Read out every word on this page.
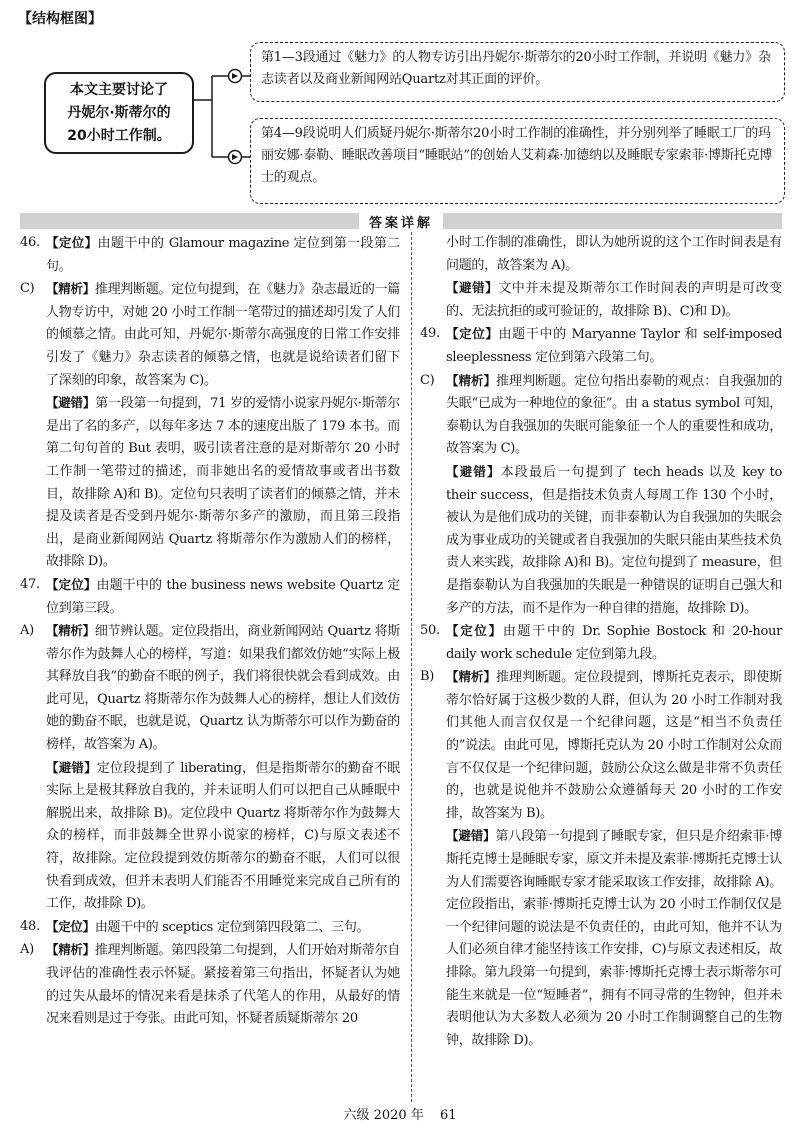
【结构框图】
本文主要讨论了丹妮尔·斯蒂尔的20小时工作制。
第1—3段通过《魅力》的人物专访引出丹妮尔·斯蒂尔的20小时工作制，并说明《魅力》杂志读者以及商业新闻网站Quartz对其正面的评价。
第4—9段说明人们质疑丹妮尔·斯蒂尔20小时工作制的准确性，并分别列举了睡眠工厂的玛丽安娜·泰勒、睡眠改善项目“睡眠站”的创始人艾莉森·加德纳以及睡眠专家索菲·博斯托克博士的观点。
答案详解
46. 【定位】由题干中的 Glamour magazine 定位到第一段第二句。

C) 【精析】推理判断题。定位句提到，在《魅力》杂志最近的一篇人物专访中，对她 20 小时工作制一笔带过的描述却引发了人们的倾慕之情。由此可知，丹妮尔·斯蒂尔高强度的日常工作安排引发了《魅力》杂志读者的倾慕之情，也就是说给读者们留下了深刻的印象，故答案为 C)。

【避错】第一段第一句提到，71 岁的爱情小说家丹妮尔·斯蒂尔是出了名的多产，以每年多达 7 本的速度出版了 179 本书。而第二句句首的 But 表明，吸引读者注意的是对斯蒂尔 20 小时工作制一笔带过的描述，而非她出名的爱情故事或者出书数目，故排除 A)和 B)。定位句只表明了读者们的倾慕之情，并未提及读者是否受到丹妮尔·斯蒂尔多产的激励，而且第三段指出，是商业新闻网站 Quartz 将斯蒂尔作为激励人们的榜样，故排除 D)。

47. 【定位】由题干中的 the business news website Quartz 定位到第三段。

A) 【精析】细节辨认题。定位段指出，商业新闻网站 Quartz 将斯蒂尔作为鼓舞人心的榜样，写道：如果我们都效仿她“实际上极其释放自我”的勤奋不眠的例子，我们将很快就会看到成效。由此可见，Quartz 将斯蒂尔作为鼓舞人心的榜样，想让人们效仿她的勤奋不眠，也就是说，Quartz 认为斯蒂尔可以作为勤奋的榜样，故答案为 A)。

【避错】定位段提到了 liberating，但是指斯蒂尔的勤奋不眠实际上是极其释放自我的，并未证明人们可以把自己从睡眠中解脱出来，故排除 B)。定位段中 Quartz 将斯蒂尔作为鼓舞大众的榜样，而非鼓舞全世界小说家的榜样，C)与原文表述不符，故排除。定位段提到效仿斯蒂尔的勤奋不眠，人们可以很快看到成效，但并未表明人们能否不用睡觉来完成自己所有的工作，故排除 D)。

48. 【定位】由题干中的 sceptics 定位到第四段第二、三句。

A) 【精析】推理判断题。第四段第二句提到，人们开始对斯蒂尔自我评估的准确性表示怀疑。紧接着第三句指出，怀疑者认为她的过失从最坏的情况来看是抹杀了代笔人的作用，从最好的情况来看则是过于夸张。由此可知，怀疑者质疑斯蒂尔 20

小时工作制的准确性，即认为她所说的这个工作时间表是有问题的，故答案为 A)。

【避错】文中并未提及斯蒂尔工作时间表的声明是可改变的、无法抗拒的或可验证的，故排除 B)、C)和 D)。

49. 【定位】由题干中的 Maryanne Taylor 和 self-imposed sleeplessness 定位到第六段第二句。

C) 【精析】推理判断题。定位句指出泰勒的观点：自我强加的失眠“已成为一种地位的象征”。由 a status symbol 可知，泰勒认为自我强加的失眠可能象征一个人的重要性和成功，故答案为 C)。

【避错】本段最后一句提到了 tech heads 以及 key to their success，但是指技术负责人每周工作 130 个小时，被认为是他们成功的关键，而非泰勒认为自我强加的失眠会成为事业成功的关键或者自我强加的失眠只能由某些技术负责人来实践，故排除 A)和 B)。定位句提到了 measure，但是指泰勒认为自我强加的失眠是一种错误的证明自己强大和多产的方法，而不是作为一种自律的措施，故排除 D)。

50. 【定位】由题干中的 Dr. Sophie Bostock 和 20-hour daily work schedule 定位到第九段。

B) 【精析】推理判断题。定位段提到，博斯托克表示，即使斯蒂尔恰好属于这极少数的人群，但认为 20 小时工作制对我们其他人而言仅仅是一个纪律问题，这是“相当不负责任的”说法。由此可见，博斯托克认为 20 小时工作制对公众而言不仅仅是一个纪律问题，鼓励公众这么做是非常不负责任的，也就是说他并不鼓励公众遵循每天 20 小时的工作安排，故答案为 B)。

【避错】第八段第一句提到了睡眠专家，但只是介绍索菲·博斯托克博士是睡眠专家，原文并未提及索菲·博斯托克博士认为人们需要咨询睡眠专家才能采取该工作安排，故排除 A)。定位段指出，索菲·博斯托克博士认为 20 小时工作制仅仅是一个纪律问题的说法是不负责任的，由此可知，他并不认为人们必须自律才能坚持该工作安排，C)与原文表述相反，故排除。第九段第一句提到，索菲·博斯托克博士表示斯蒂尔可能生来就是一位“短睡者”，拥有不同寻常的生物钟，但并未表明他认为大多数人必须为 20 小时工作制调整自己的生物钟，故排除 D)。

六级 2020 年 61
